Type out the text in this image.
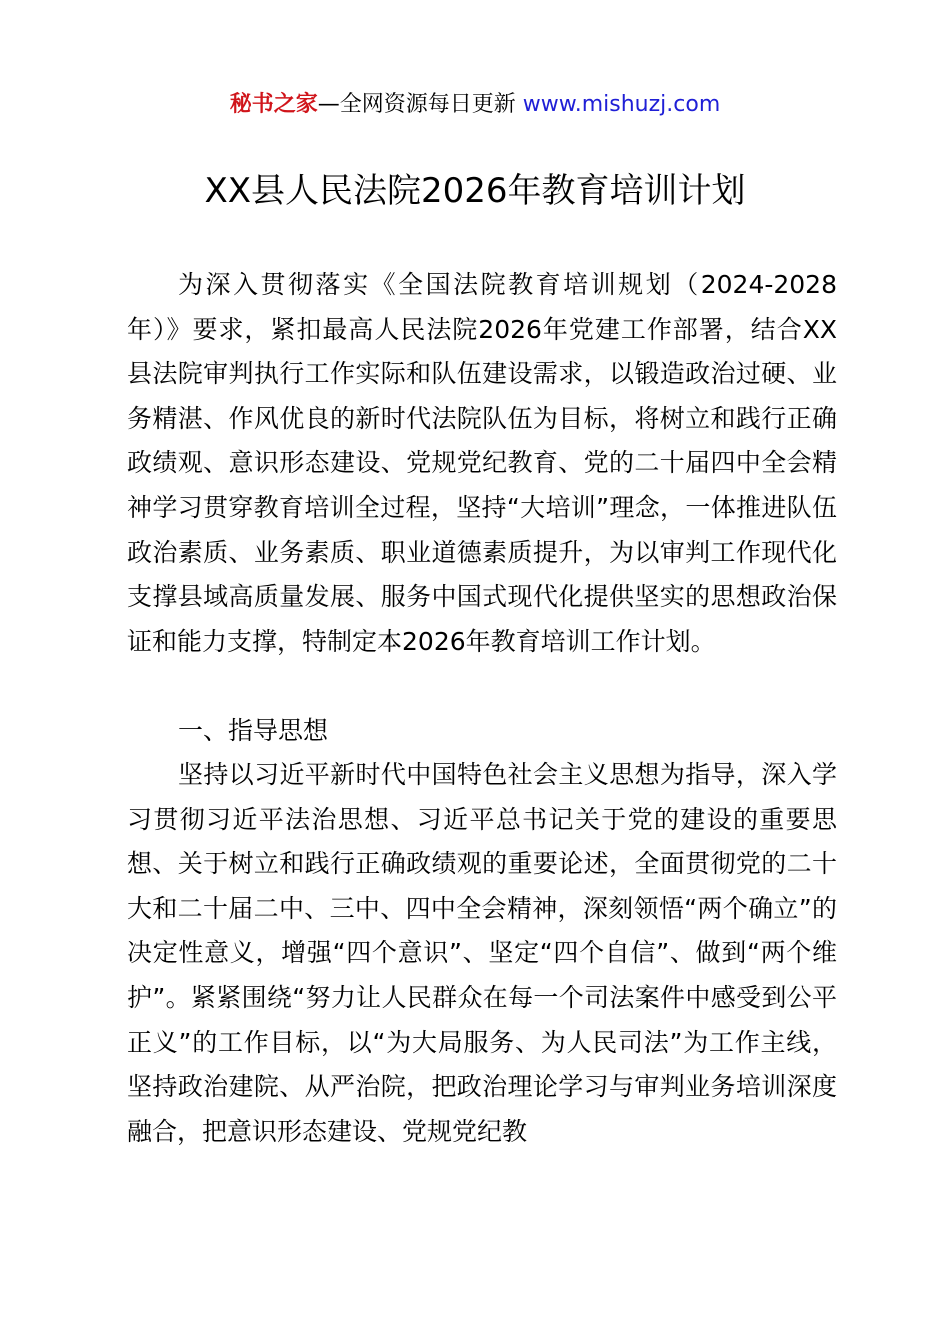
秘书之家—全网资源每日更新 www.mishuzj.com
XX县人民法院2026年教育培训计划

为深入贯彻落实《全国法院教育培训规划（2024-2028年）》要求，紧扣最高人民法院2026年党建工作部署，结合XX县法院审判执行工作实际和队伍建设需求，以锻造政治过硬、业务精湛、作风优良的新时代法院队伍为目标，将树立和践行正确政绩观、意识形态建设、党规党纪教育、党的二十届四中全会精神学习贯穿教育培训全过程，坚持“大培训”理念，一体推进队伍政治素质、业务素质、职业道德素质提升，为以审判工作现代化支撑县域高质量发展、服务中国式现代化提供坚实的思想政治保证和能力支撑，特制定本2026年教育培训工作计划。

一、指导思想

坚持以习近平新时代中国特色社会主义思想为指导，深入学习贯彻习近平法治思想、习近平总书记关于党的建设的重要思想、关于树立和践行正确政绩观的重要论述，全面贯彻党的二十大和二十届二中、三中、四中全会精神，深刻领悟“两个确立”的决定性意义，增强“四个意识”、坚定“四个自信”、做到“两个维护”。紧紧围绕“努力让人民群众在每一个司法案件中感受到公平正义”的工作目标，以“为大局服务、为人民司法”为工作主线，坚持政治建院、从严治院，把政治理论学习与审判业务培训深度融合，把意识形态建设、党规党纪教
